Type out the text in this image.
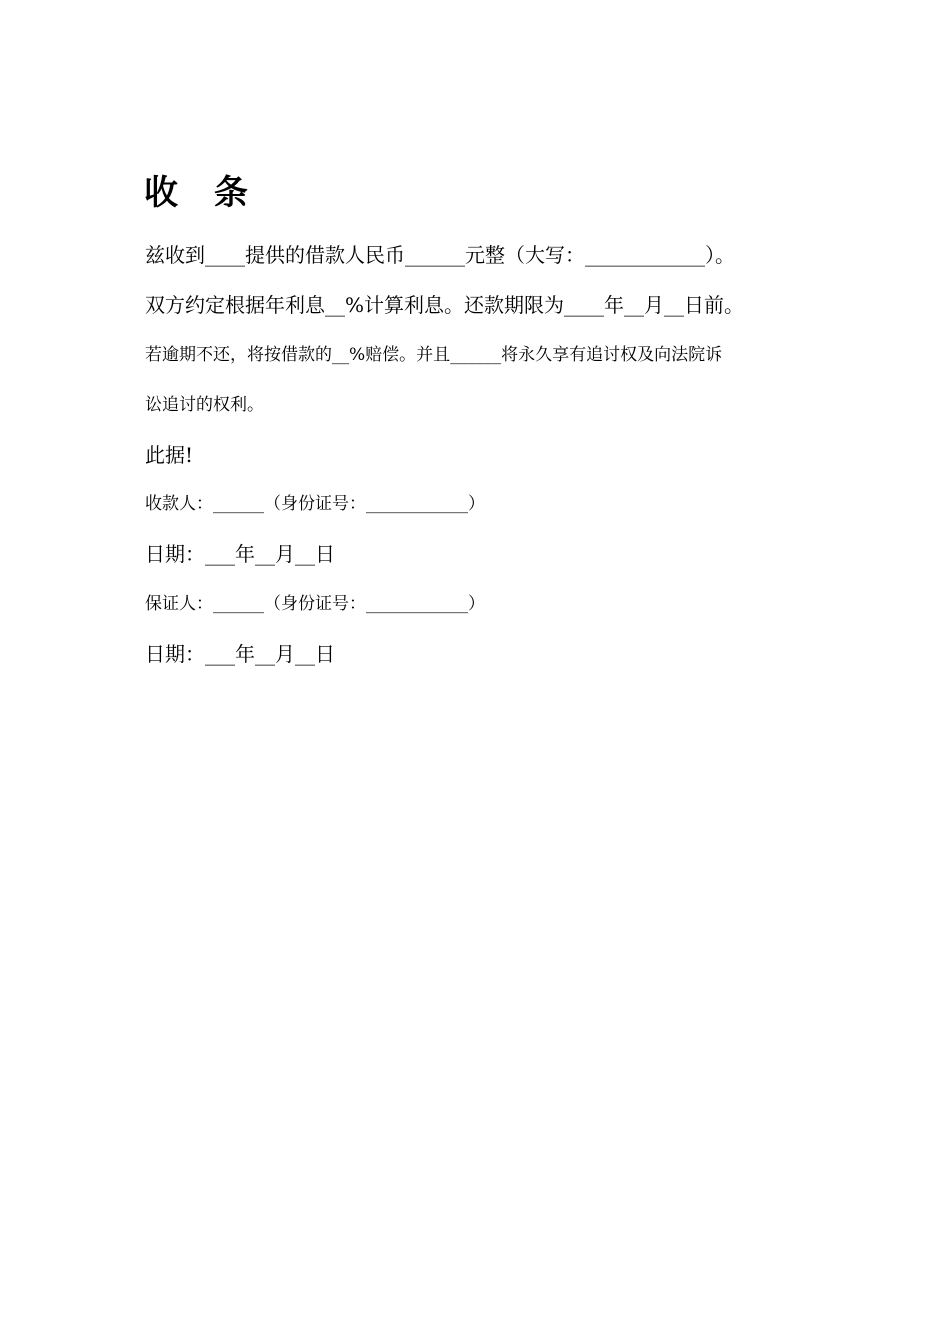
收 条
兹收到____提供的借款人民币______元整（大写：____________）。
双方约定根据年利息__%计算利息。还款期限为____年__月__日前。
若逾期不还，将按借款的__%赔偿。并且______将永久享有追讨权及向法院诉
讼追讨的权利。
此据!
收款人：______（身份证号：____________）
日期：___年__月__日
保证人：______（身份证号：____________）
日期：___年__月__日
